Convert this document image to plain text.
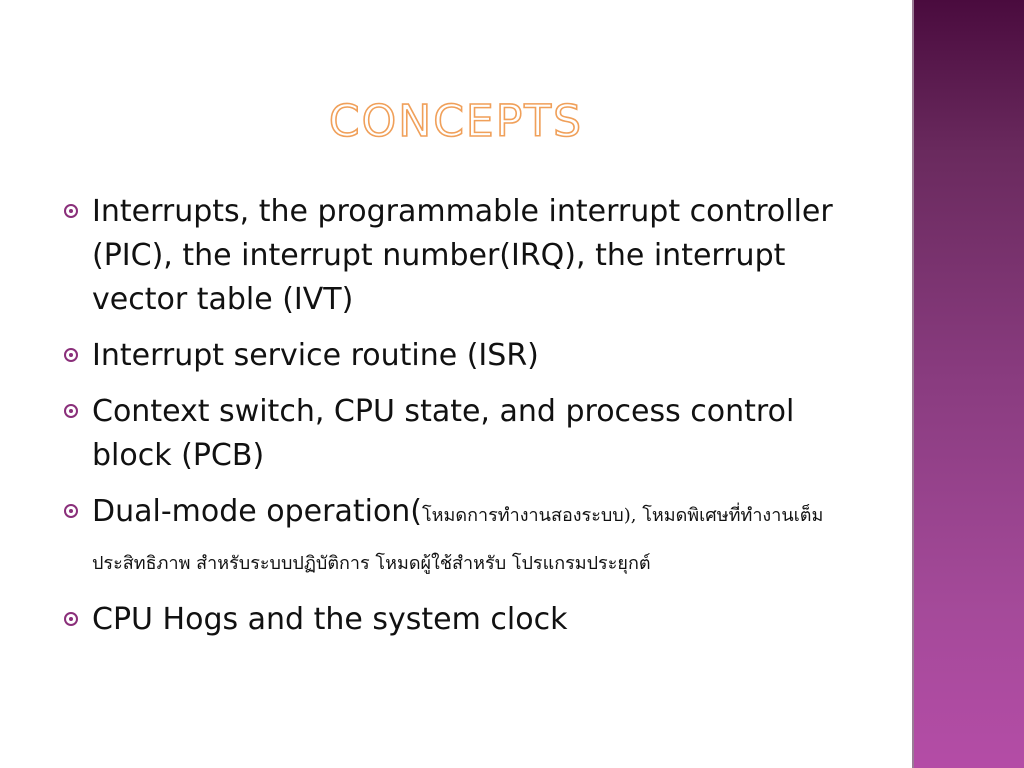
CONCEPTS
Interrupts, the programmable interrupt controller (PIC), the interrupt number(IRQ), the interrupt vector table (IVT)
Interrupt service routine (ISR)
Context switch, CPU state, and process control block (PCB)
Dual-mode operation(โหมดการทำงานสองระบบ), โหมดพิเศษที่ทำงานเต็มประสิทธิภาพ สำหรับระบบปฏิบัติการ โหมดผู้ใช้สำหรับ โปรแกรมประยุกต์
CPU Hogs and the system clock
